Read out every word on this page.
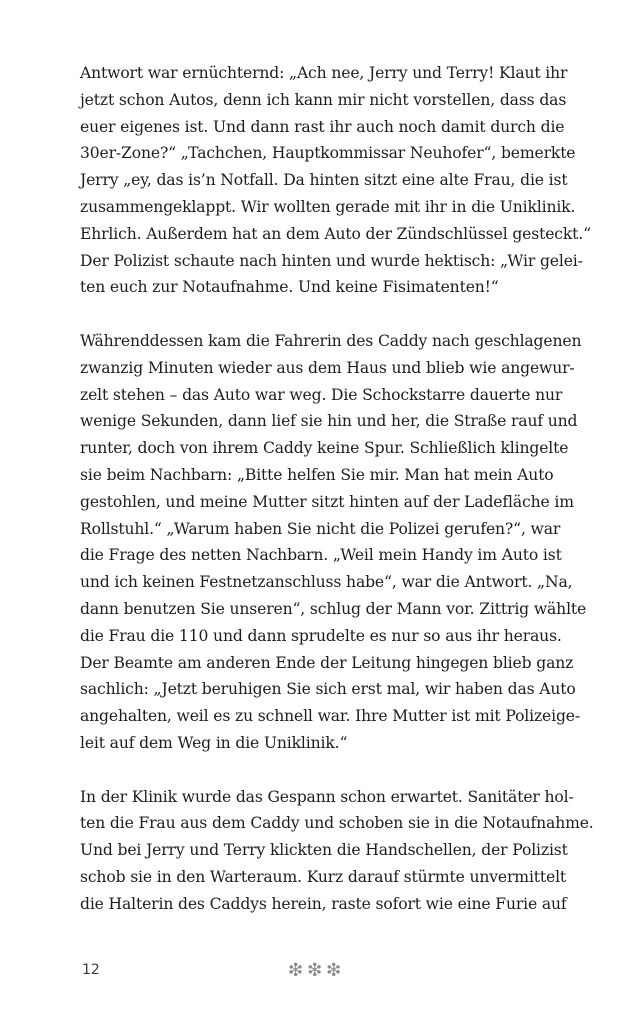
Antwort war ernüchternd: „Ach nee, Jerry und Terry! Klaut ihr
jetzt schon Autos, denn ich kann mir nicht vorstellen, dass das
euer eigenes ist. Und dann rast ihr auch noch damit durch die
30er-Zone?“ „Tachchen, Hauptkommissar Neuhofer“, bemerkte
Jerry „ey, das is’n Notfall. Da hinten sitzt eine alte Frau, die ist
zusammengeklappt. Wir wollten gerade mit ihr in die Uniklinik.
Ehrlich. Außerdem hat an dem Auto der Zündschlüssel gesteckt.“
Der Polizist schaute nach hinten und wurde hektisch: „Wir gelei-
ten euch zur Notaufnahme. Und keine Fisimatenten!“
Währenddessen kam die Fahrerin des Caddy nach geschlagenen
zwanzig Minuten wieder aus dem Haus und blieb wie angewur-
zelt stehen – das Auto war weg. Die Schockstarre dauerte nur
wenige Sekunden, dann lief sie hin und her, die Straße rauf und
runter, doch von ihrem Caddy keine Spur. Schließlich klingelte
sie beim Nachbarn: „Bitte helfen Sie mir. Man hat mein Auto
gestohlen, und meine Mutter sitzt hinten auf der Ladefläche im
Rollstuhl.“ „Warum haben Sie nicht die Polizei gerufen?“, war
die Frage des netten Nachbarn. „Weil mein Handy im Auto ist
und ich keinen Festnetzanschluss habe“, war die Antwort. „Na,
dann benutzen Sie unseren“, schlug der Mann vor. Zittrig wählte
die Frau die 110 und dann sprudelte es nur so aus ihr heraus.
Der Beamte am anderen Ende der Leitung hingegen blieb ganz
sachlich: „Jetzt beruhigen Sie sich erst mal, wir haben das Auto
angehalten, weil es zu schnell war. Ihre Mutter ist mit Polizeige-
leit auf dem Weg in die Uniklinik.“
In der Klinik wurde das Gespann schon erwartet. Sanitäter hol-
ten die Frau aus dem Caddy und schoben sie in die Notaufnahme.
Und bei Jerry und Terry klickten die Handschellen, der Polizist
schob sie in den Warteraum. Kurz darauf stürmte unvermittelt
die Halterin des Caddys herein, raste sofort wie eine Furie auf
12	❇❇❇
